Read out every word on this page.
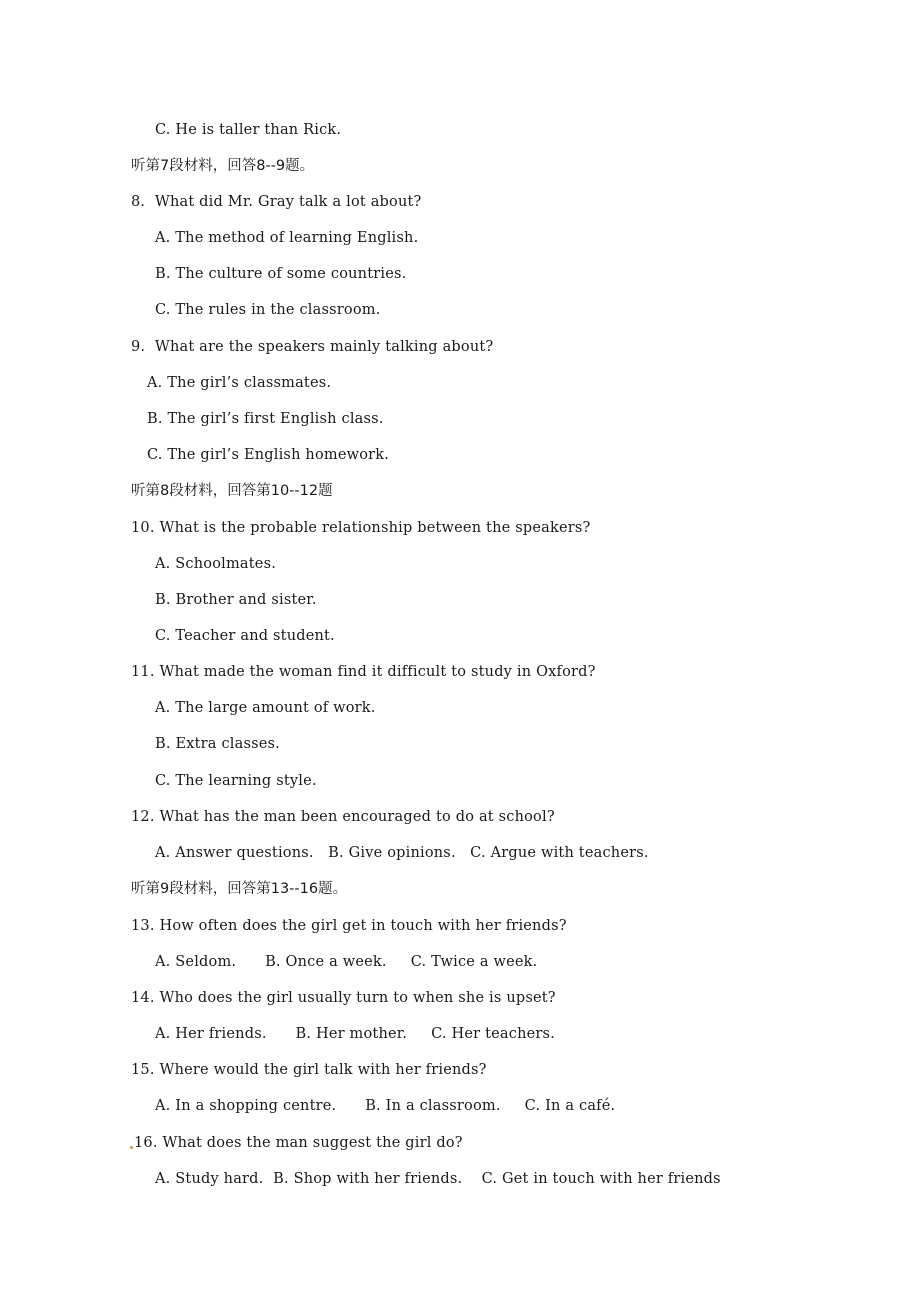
C. He is taller than Rick.
听第7段材料，回答8--9题。
8.  What did Mr. Gray talk a lot about?
A. The method of learning English.
B. The culture of some countries.
C. The rules in the classroom.
9.  What are the speakers mainly talking about?
A. The girl’s classmates.
B. The girl’s first English class.
C. The girl’s English homework.
听第8段材料，回答第10--12题
10. What is the probable relationship between the speakers?
A. Schoolmates.
B. Brother and sister.
C. Teacher and student.
11. What made the woman find it difficult to study in Oxford?
A. The large amount of work.
B. Extra classes.
C. The learning style.
12. What has the man been encouraged to do at school?
A. Answer questions.   B. Give opinions.   C. Argue with teachers.
听第9段材料，回答第13--16题。
13. How often does the girl get in touch with her friends?
A. Seldom.      B. Once a week.     C. Twice a week.
14. Who does the girl usually turn to when she is upset?
A. Her friends.      B. Her mother.     C. Her teachers.
15. Where would the girl talk with her friends?
A. In a shopping centre.      B. In a classroom.     C. In a café.
16. What does the man suggest the girl do?
A. Study hard.  B. Shop with her friends.    C. Get in touch with her friends
